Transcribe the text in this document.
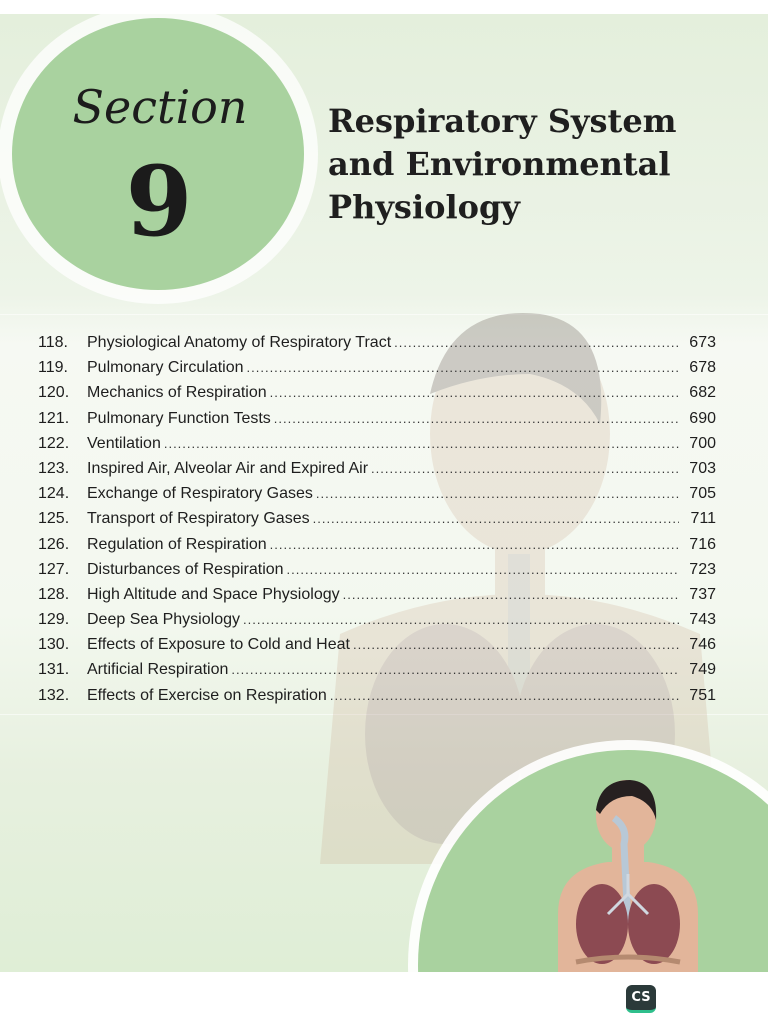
Section
9
Respiratory System
and Environmental
Physiology
118.	Physiological Anatomy of Respiratory Tract .....	673
119.	Pulmonary Circulation .....	678
120.	Mechanics of Respiration .....	682
121.	Pulmonary Function Tests .....	690
122.	Ventilation .....	700
123.	Inspired Air, Alveolar Air and Expired Air .....	703
124.	Exchange of Respiratory Gases .....	705
125.	Transport of Respiratory Gases .....	711
126.	Regulation of Respiration .....	716
127.	Disturbances of Respiration .....	723
128.	High Altitude and Space Physiology .....	737
129.	Deep Sea Physiology .....	743
130.	Effects of Exposure to Cold and Heat .....	746
131.	Artificial Respiration .....	749
132.	Effects of Exercise on Respiration .....	751
CS
